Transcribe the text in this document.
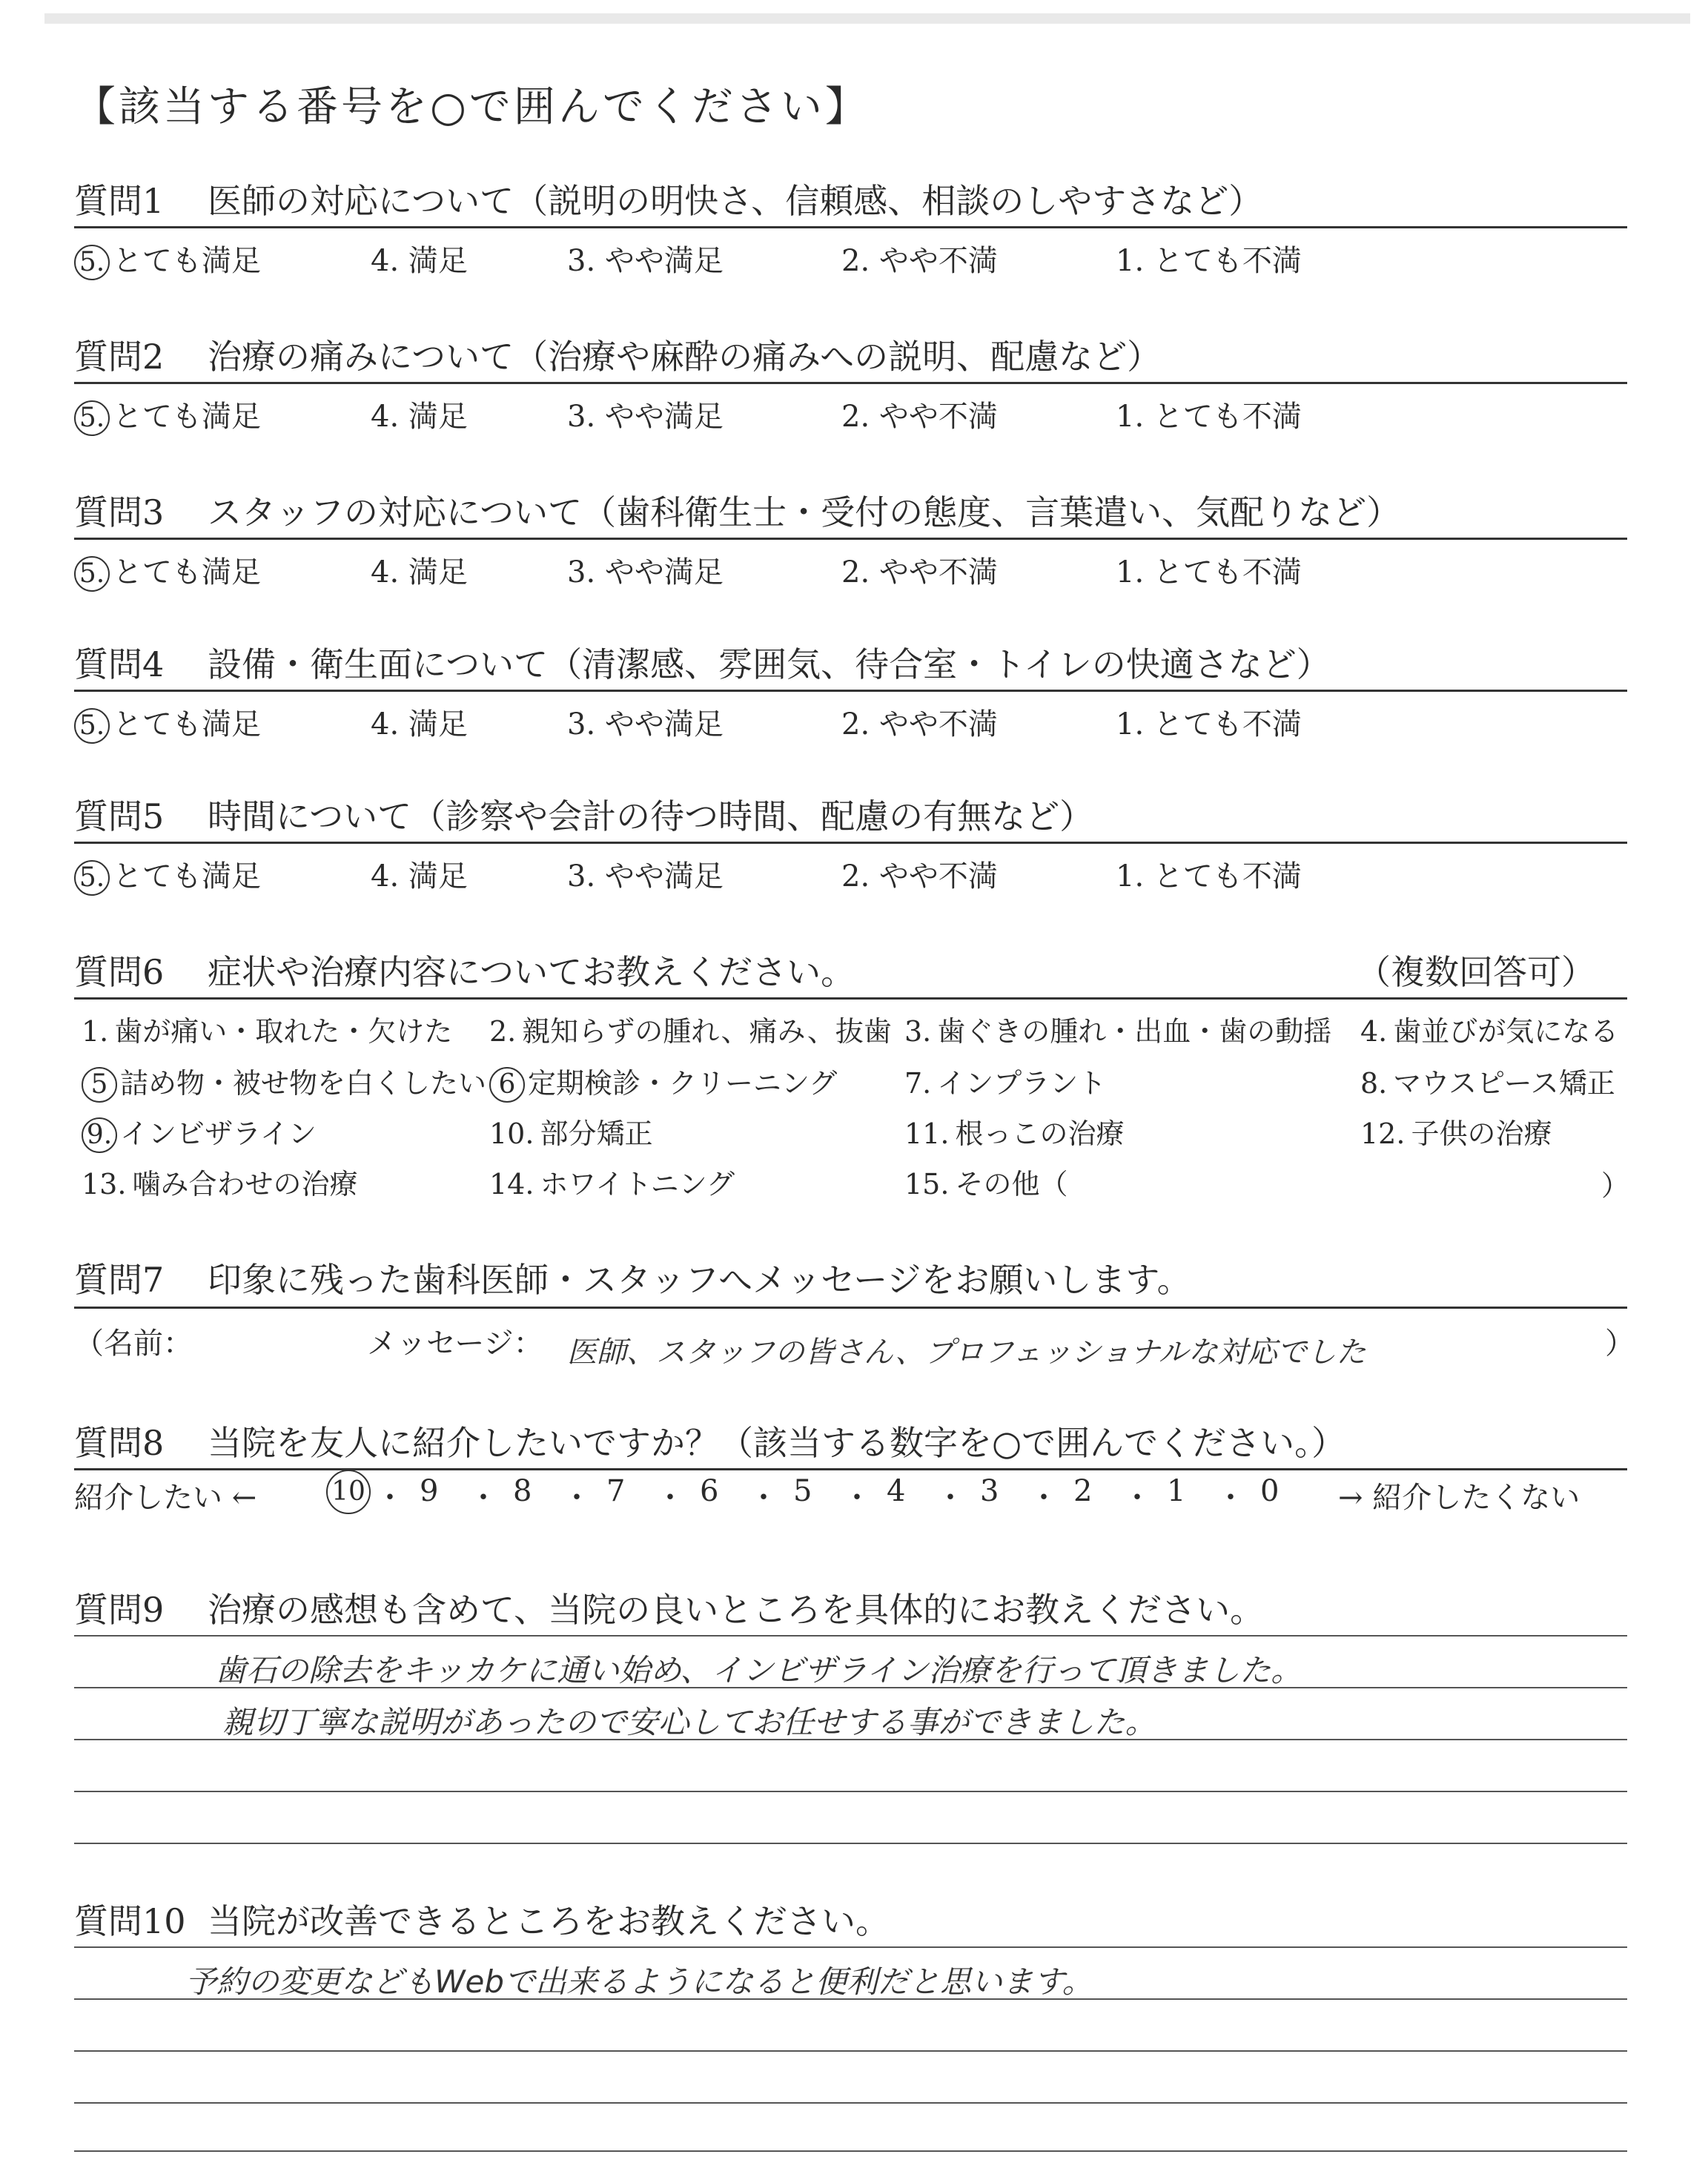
【該当する番号を○で囲んでください】
質問1 医師の対応について（説明の明快さ、信頼感、相談のしやすさなど）
5. とても満足	4. 満足	3. やや満足	2. やや不満	1. とても不満
質問2 治療の痛みについて（治療や麻酔の痛みへの説明、配慮など）
5. とても満足	4. 満足	3. やや満足	2. やや不満	1. とても不満
質問3 スタッフの対応について（歯科衛生士・受付の態度、言葉遣い、気配りなど）
5. とても満足	4. 満足	3. やや満足	2. やや不満	1. とても不満
質問4 設備・衛生面について（清潔感、雰囲気、待合室・トイレの快適さなど）
5. とても満足	4. 満足	3. やや満足	2. やや不満	1. とても不満
質問5 時間について（診察や会計の待つ時間、配慮の有無など）
5. とても満足	4. 満足	3. やや満足	2. やや不満	1. とても不満
質問6 症状や治療内容についてお教えください。	（複数回答可）
1. 歯が痛い・取れた・欠けた 2. 親知らずの腫れ、痛み、抜歯 3. 歯ぐきの腫れ・出血・歯の動揺 4. 歯並びが気になる
5 詰め物・被せ物を白くしたい 6 定期検診・クリーニング 7. インプラント	8. マウスピース矯正
9. インビザライン	10. 部分矯正	11. 根っこの治療	12. 子供の治療
13. 噛み合わせの治療	14. ホワイトニング	15. その他（	）
質問7 印象に残った歯科医師・スタッフへメッセージをお願いします。
（名前：	メッセージ： 医師、スタッフの皆さん、プロフェッショナルな対応でした	）
質問8 当院を友人に紹介したいですか？（該当する数字を○で囲んでください。）
紹介したい ←	→ 紹介したくない
10 ・ 9 ・ 8 ・ 7 ・ 6 ・ 5 ・ 4 ・ 3 ・ 2 ・ 1 ・ 0
質問9 治療の感想も含めて、当院の良いところを具体的にお教えください。
歯石の除去をキッカケに通い始め、インビザライン治療を行って頂きました。
親切丁寧な説明があったので安心してお任せする事ができました。
質問10 当院が改善できるところをお教えください。
予約の変更などもWebで出来るようになると便利だと思います。
